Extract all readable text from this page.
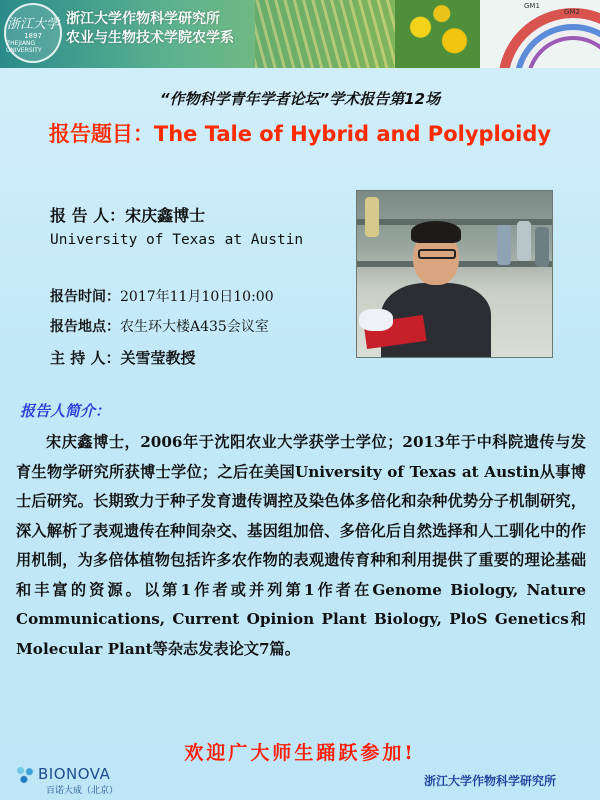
GM1
GM2
浙江大学
1897
ZHEJIANG UNIVERSITY
浙江大学作物科学研究所
农业与生物技术学院农学系
“作物科学青年学者论坛”学术报告第12场
报告题目：The Tale of Hybrid and Polyploidy
报 告 人：宋庆鑫博士
University of Texas at Austin
报告时间：2017年11月10日10:00
报告地点：农生环大楼A435会议室
主 持 人：关雪莹教授
报告人简介：
宋庆鑫博士，2006年于沈阳农业大学获学士学位；2013年于中科院遗传与发育生物学研究所获博士学位；之后在美国University of Texas at Austin从事博士后研究。长期致力于种子发育遗传调控及染色体多倍化和杂种优势分子机制研究，深入解析了表观遗传在种间杂交、基因组加倍、多倍化后自然选择和人工驯化中的作用机制，为多倍体植物包括许多农作物的表观遗传育种和利用提供了重要的理论基础和丰富的资源。以第1作者或并列第1作者在Genome Biology, Nature Communications, Current Opinion Plant Biology, PloS Genetics和Molecular Plant等杂志发表论文7篇。
欢迎广大师生踊跃参加!
BIONOVA
百诺大成（北京）
浙江大学作物科学研究所
